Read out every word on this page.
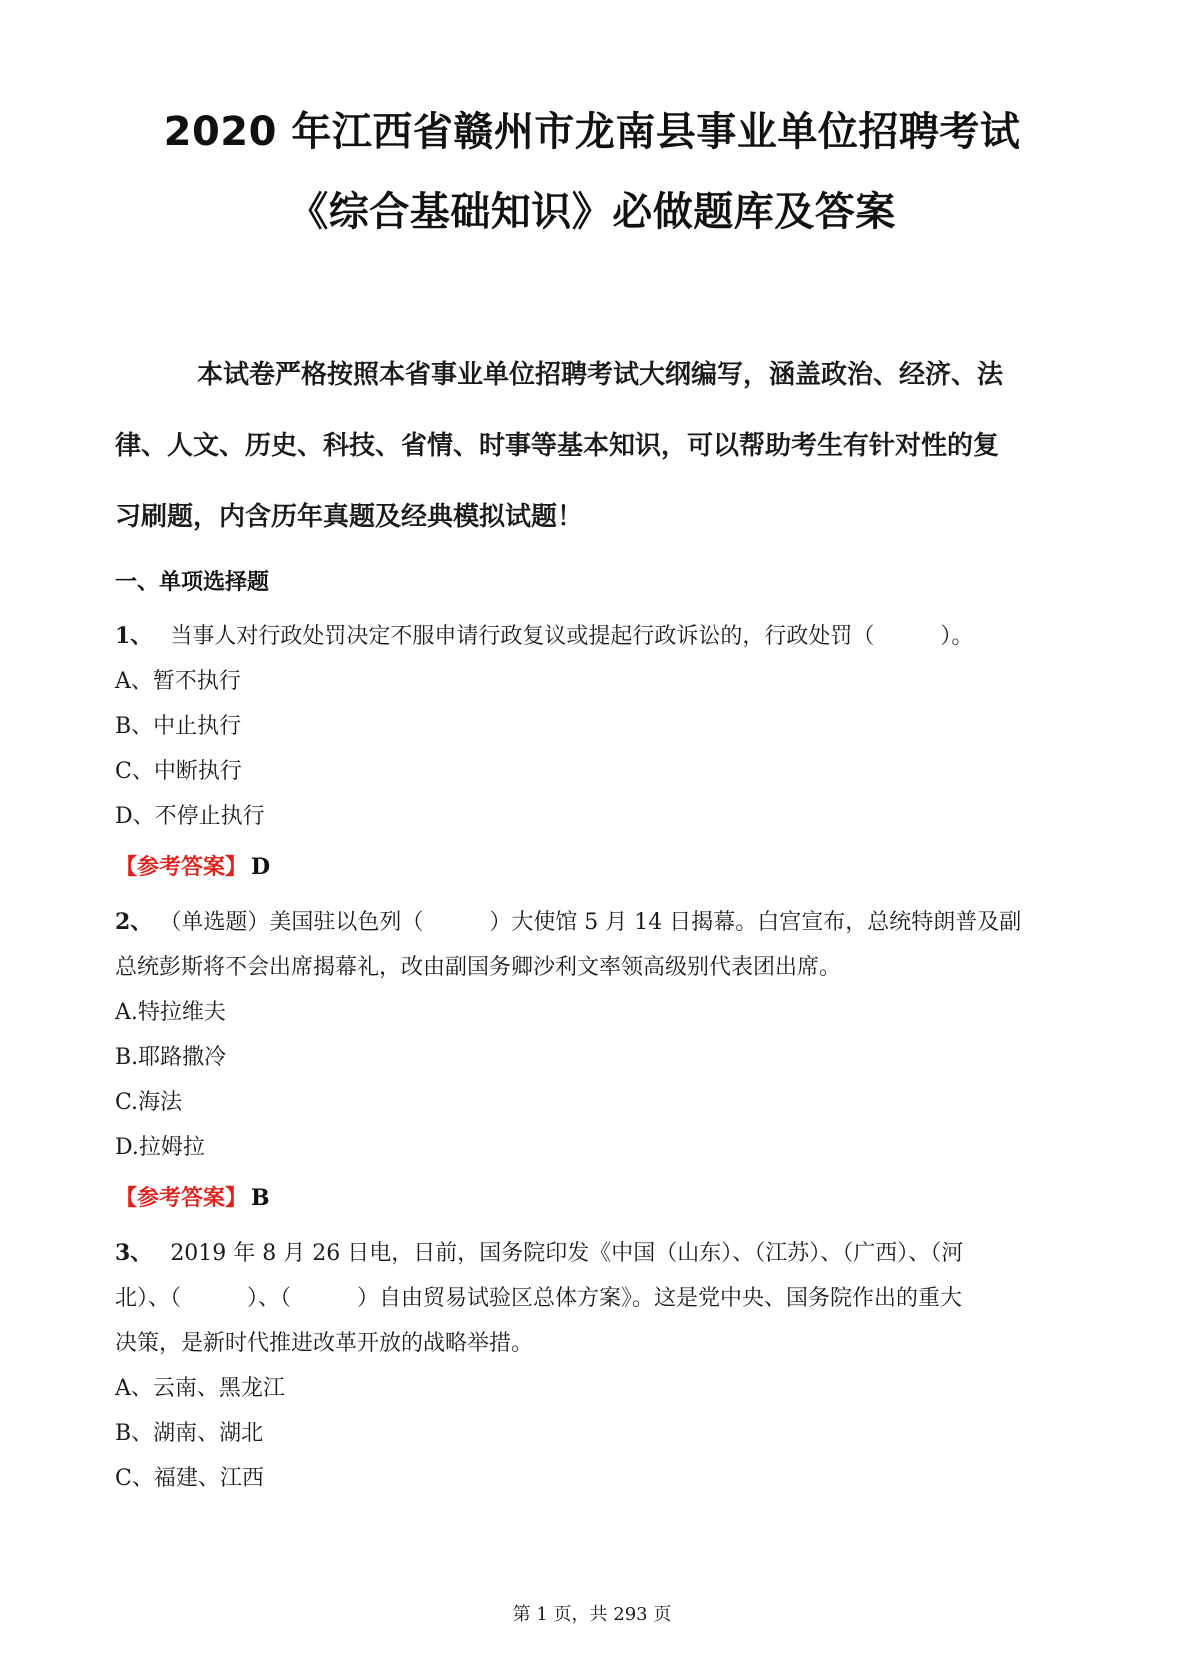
2020 年江西省赣州市龙南县事业单位招聘考试
《综合基础知识》必做题库及答案
本试卷严格按照本省事业单位招聘考试大纲编写，涵盖政治、经济、法
律、人文、历史、科技、省情、时事等基本知识，可以帮助考生有针对性的复
习刷题，内含历年真题及经典模拟试题！
一、单项选择题
1、 当事人对行政处罚决定不服申请行政复议或提起行政诉讼的，行政处罚（　　　）。
A、暂不执行
B、中止执行
C、中断执行
D、不停止执行
【参考答案】 D
2、 （单选题）美国驻以色列（　　　）大使馆 5 月 14 日揭幕。白宫宣布，总统特朗普及副
总统彭斯将不会出席揭幕礼，改由副国务卿沙利文率领高级别代表团出席。
A.特拉维夫
B.耶路撒冷
C.海法
D.拉姆拉
【参考答案】 B
3、 2019 年 8 月 26 日电，日前，国务院印发《中国（山东）、（江苏）、（广西）、（河
北）、（　　　）、（　　　）自由贸易试验区总体方案》。这是党中央、国务院作出的重大
决策，是新时代推进改革开放的战略举措。
A、云南、黑龙江
B、湖南、湖北
C、福建、江西
第 1 页，共 293 页
